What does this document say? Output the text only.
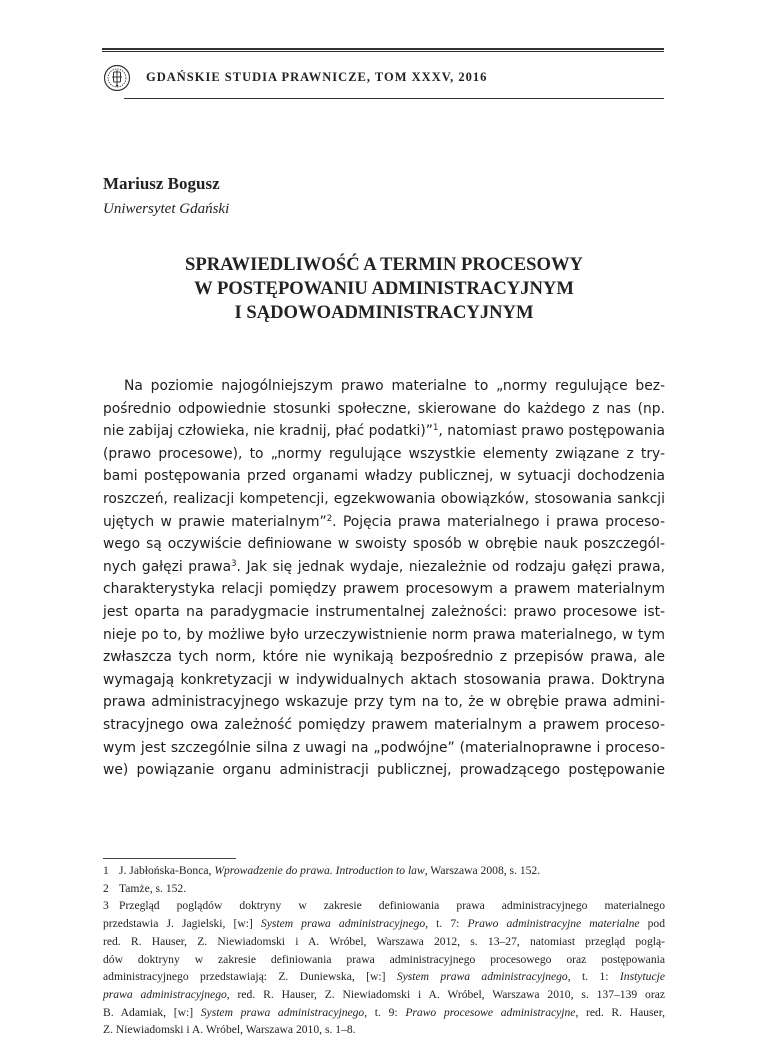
GDAŃSKIE STUDIA PRAWNICZE, TOM XXXV, 2016
Mariusz Bogusz
Uniwersytet Gdański
SPRAWIEDLIWOŚĆ A TERMIN PROCESOWY
W POSTĘPOWANIU ADMINISTRACYJNYM
I SĄDOWOADMINISTRACYJNYM
Na poziomie najogólniejszym prawo materialne to „normy regulujące bez-
pośrednio odpowiednie stosunki społeczne, skierowane do każdego z nas (np.
nie zabijaj człowieka, nie kradnij, płać podatki)”$^1$, natomiast prawo postępowania
(prawo procesowe), to „normy regulujące wszystkie elementy związane z try-
bami postępowania przed organami władzy publicznej, w sytuacji dochodzenia
roszczeń, realizacji kompetencji, egzekwowania obowiązków, stosowania sankcji
ujętych w prawie materialnym”$^2$. Pojęcia prawa materialnego i prawa proceso-
wego są oczywiście definiowane w swoisty sposób w obrębie nauk poszczegól-
nych gałęzi prawa$^3$. Jak się jednak wydaje, niezależnie od rodzaju gałęzi prawa,
charakterystyka relacji pomiędzy prawem procesowym a prawem materialnym
jest oparta na paradygmacie instrumentalnej zależności: prawo procesowe ist-
nieje po to, by możliwe było urzeczywistnienie norm prawa materialnego, w tym
zwłaszcza tych norm, które nie wynikają bezpośrednio z przepisów prawa, ale
wymagają konkretyzacji w indywidualnych aktach stosowania prawa. Doktryna
prawa administracyjnego wskazuje przy tym na to, że w obrębie prawa admini-
stracyjnego owa zależność pomiędzy prawem materialnym a prawem proceso-
wym jest szczególnie silna z uwagi na „podwójne” (materialnoprawne i proceso-
we) powiązanie organu administracji publicznej, prowadzącego postępowanie
1 J. Jabłońska-Bonca, Wprowadzenie do prawa. Introduction to law, Warszawa 2008, s. 152.
2 Tamże, s. 152.
3 Przegląd poglądów doktryny w zakresie definiowania prawa administracyjnego materialnego
przedstawia J. Jagielski, [w:] System prawa administracyjnego, t. 7: Prawo administracyjne materialne pod
red. R. Hauser, Z. Niewiadomski i A. Wróbel, Warszawa 2012, s. 13–27, natomiast przegląd poglą-
dów doktryny w zakresie definiowania prawa administracyjnego procesowego oraz postępowania
administracyjnego przedstawiają: Z. Duniewska, [w:] System prawa administracyjnego, t. 1: Instytucje
prawa administracyjnego, red. R. Hauser, Z. Niewiadomski i A. Wróbel, Warszawa 2010, s. 137–139 oraz
B. Adamiak, [w:] System prawa administracyjnego, t. 9: Prawo procesowe administracyjne, red. R. Hauser,
Z. Niewiadomski i A. Wróbel, Warszawa 2010, s. 1–8.
